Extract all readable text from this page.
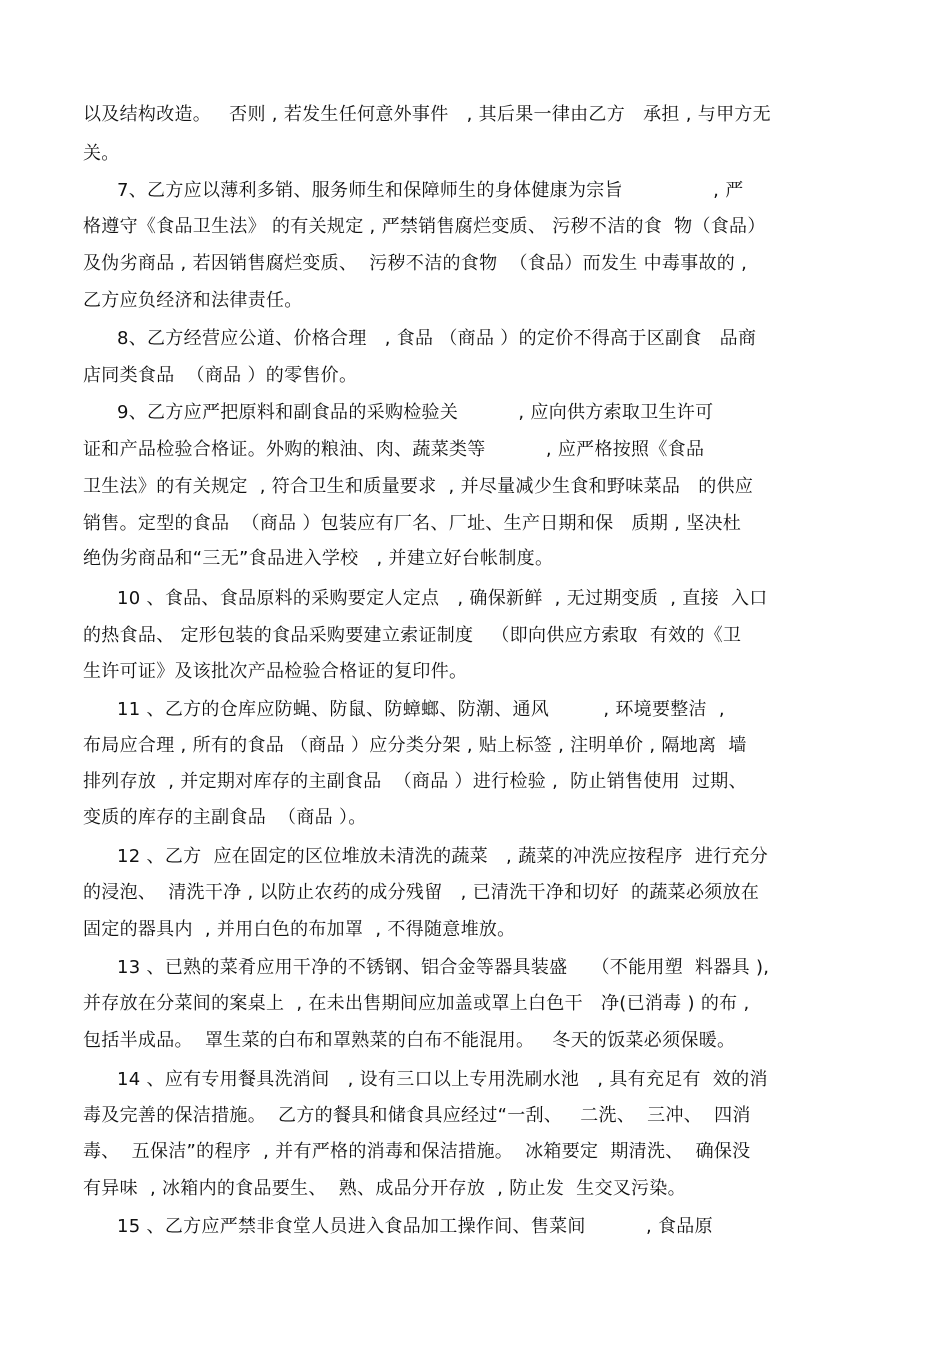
以及结构改造。   否则 , 若发生任何意外事件   , 其后果一律由乙方   承担 , 与甲方无
关。
7、乙方应以薄利多销、服务师生和保障师生的身体健康为宗旨               , 严
格遵守《食品卫生法》 的有关规定 , 严禁销售腐烂变质、 污秽不洁的食  物（食品）
及伪劣商品 , 若因销售腐烂变质、  污秽不洁的食物  （食品）而发生 中毒事故的 ,
乙方应负经济和法律责任。
8、乙方经营应公道、价格合理   , 食品 （商品 ）的定价不得高于区副食   品商
店同类食品  （商品 ）的零售价。
9、乙方应严把原料和副食品的采购检验关          , 应向供方索取卫生许可
证和产品检验合格证。外购的粮油、肉、蔬菜类等          , 应严格按照《食品
卫生法》的有关规定  , 符合卫生和质量要求  , 并尽量减少生食和野味菜品   的供应
销售。定型的食品  （商品 ）包装应有厂名、厂址、生产日期和保   质期 , 坚决杜
绝伪劣商品和“三无”食品进入学校   , 并建立好台帐制度。
10 、食品、食品原料的采购要定人定点   , 确保新鲜  , 无过期变质  , 直接  入口
的热食品、 定形包装的食品采购要建立索证制度   （即向供应方索取  有效的《卫
生许可证》及该批次产品检验合格证的复印件。
11 、乙方的仓库应防蝇、防鼠、防蟑螂、防潮、通风         , 环境要整洁  ,
布局应合理 , 所有的食品 （商品 ）应分类分架 , 贴上标签 , 注明单价 , 隔地离  墙
排列存放  , 并定期对库存的主副食品  （商品 ）进行检验 ,  防止销售使用  过期、
变质的库存的主副食品  （商品 ）。
12 、乙方  应在固定的区位堆放未清洗的蔬菜   , 蔬菜的冲洗应按程序  进行充分
的浸泡、  清洗干净 , 以防止农药的成分残留   , 已清洗干净和切好  的蔬菜必须放在
固定的器具内  , 并用白色的布加罩  , 不得随意堆放。
13 、已熟的菜肴应用干净的不锈钢、铝合金等器具装盛    （不能用塑  料器具 ),
并存放在分菜间的案桌上  , 在未出售期间应加盖或罩上白色干   净(已消毒 ) 的布 ,
包括半成品。  罩生菜的白布和罩熟菜的白布不能混用。   冬天的饭菜必须保暖。
14 、应有专用餐具洗消间   , 设有三口以上专用洗刷水池   , 具有充足有  效的消
毒及完善的保洁措施。  乙方的餐具和储食具应经过“一刮、   二洗、  三冲、  四消
毒、  五保洁”的程序  , 并有严格的消毒和保洁措施。  冰箱要定  期清洗、  确保没
有异味  , 冰箱内的食品要生、  熟、成品分开存放  , 防止发  生交叉污染。
15 、乙方应严禁非食堂人员进入食品加工操作间、售菜间          , 食品原
